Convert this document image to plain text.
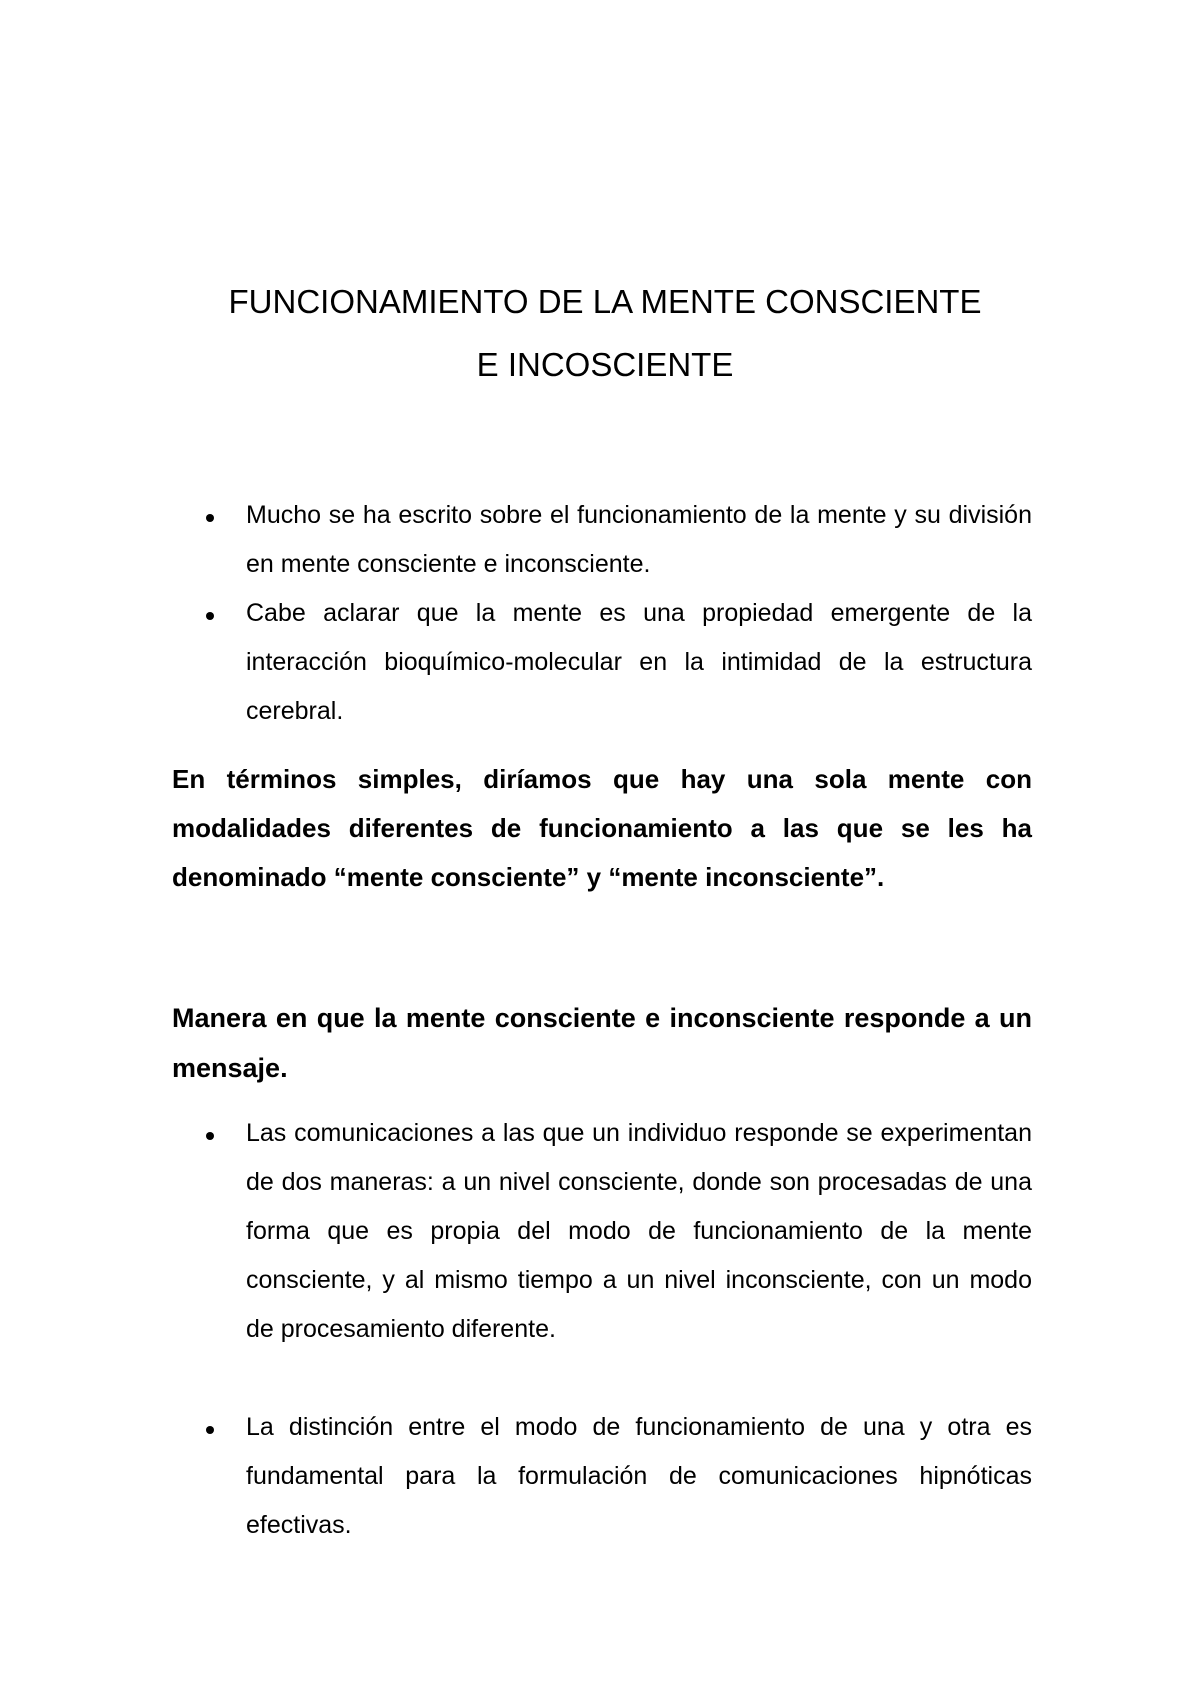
FUNCIONAMIENTO DE LA MENTE CONSCIENTE
E INCOSCIENTE
Mucho se ha escrito sobre el funcionamiento de la mente y su división en mente consciente e inconsciente.
Cabe aclarar que la mente es una propiedad emergente de la interacción bioquímico-molecular en la intimidad de la estructura cerebral.
En términos simples, diríamos que hay una sola mente con modalidades diferentes de funcionamiento a las que se les ha denominado “mente consciente” y “mente inconsciente”.
Manera en que la mente consciente e inconsciente responde a un mensaje.
Las comunicaciones a las que un individuo responde se experimentan de dos maneras: a un nivel consciente, donde son procesadas de una forma que es propia del modo de funcionamiento de la mente consciente, y al mismo tiempo a un nivel inconsciente, con un modo de procesamiento diferente.
La distinción entre el modo de funcionamiento de una y otra es fundamental para la formulación de comunicaciones hipnóticas efectivas.
